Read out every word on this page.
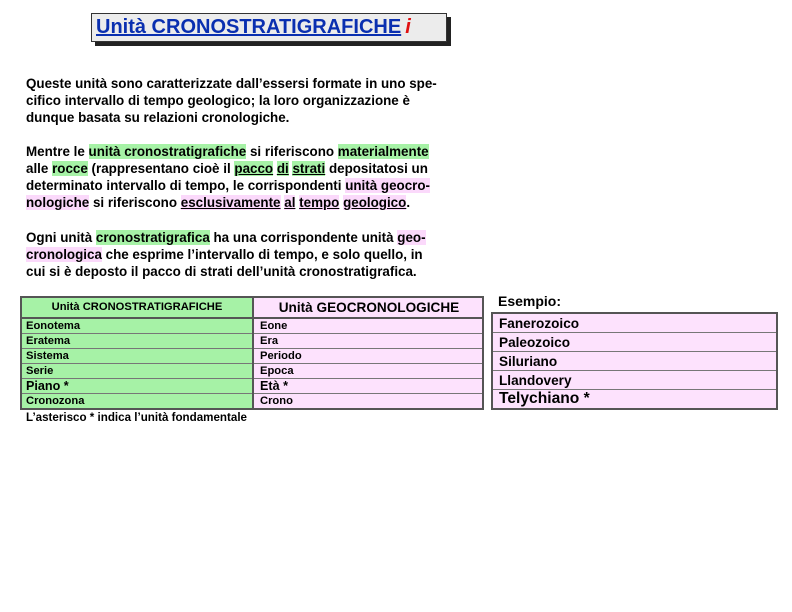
Unità CRONOSTRATIGRAFICHE i

Queste unità sono caratterizzate dall’essersi formate in uno spe-
cifico intervallo di tempo geologico; la loro organizzazione è
dunque basata su relazioni cronologiche.

Mentre le unità cronostratigrafiche si riferiscono materialmente
alle rocce (rappresentano cioè il pacco di strati depositatosi un
determinato intervallo di tempo, le corrispondenti unità geocro-
nologiche si riferiscono esclusivamente al tempo geologico.

Ogni unità cronostratigrafica ha una corrispondente unità geo-
cronologica che esprime l’intervallo di tempo, e solo quello, in
cui si è deposto il pacco di strati dell’unità cronostratigrafica.

Unità CRONOSTRATIGRAFICHE
Eonotema
Eratema
Sistema
Serie
Piano *
Cronozona
Unità GEOCRONOLOGICHE
Eone
Era
Periodo
Epoca
Età *
Crono
L’asterisco * indica l’unità fondamentale
Esempio:
Fanerozoico
Paleozoico
Siluriano
Llandovery
Telychiano *
